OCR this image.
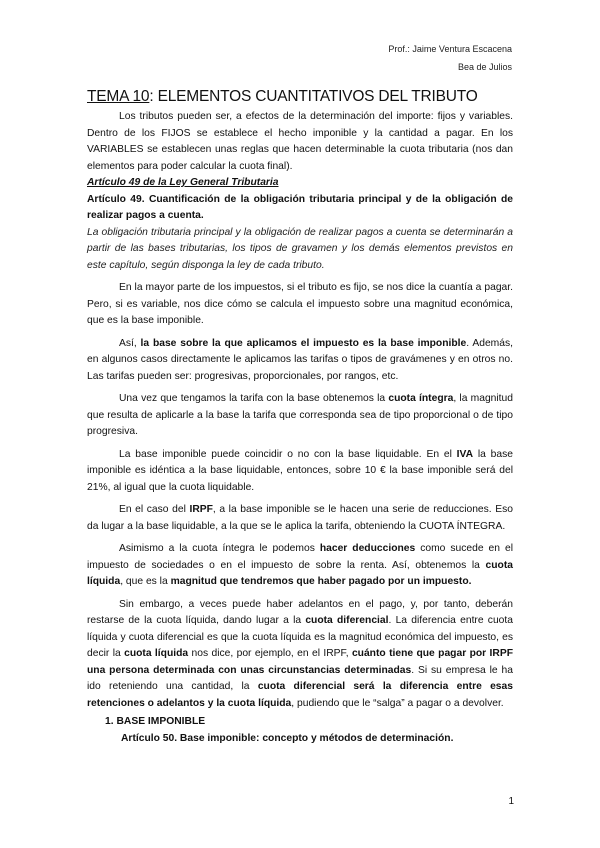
Prof.: Jaime Ventura Escacena
Bea de Julios
TEMA 10: ELEMENTOS CUANTITATIVOS DEL TRIBUTO

Los tributos pueden ser, a efectos de la determinación del importe: fijos y variables. Dentro de los FIJOS se establece el hecho imponible y la cantidad a pagar. En los VARIABLES se establecen unas reglas que hacen determinable la cuota tributaria (nos dan elementos para poder calcular la cuota final).

Artículo 49 de la Ley General Tributaria

Artículo 49. Cuantificación de la obligación tributaria principal y de la obligación de realizar pagos a cuenta.

La obligación tributaria principal y la obligación de realizar pagos a cuenta se determinarán a partir de las bases tributarias, los tipos de gravamen y los demás elementos previstos en este capítulo, según disponga la ley de cada tributo.

En la mayor parte de los impuestos, si el tributo es fijo, se nos dice la cuantía a pagar. Pero, si es variable, nos dice cómo se calcula el impuesto sobre una magnitud económica, que es la base imponible.

Así, la base sobre la que aplicamos el impuesto es la base imponible. Además, en algunos casos directamente le aplicamos las tarifas o tipos de gravámenes y en otros no. Las tarifas pueden ser: progresivas, proporcionales, por rangos, etc.

Una vez que tengamos la tarifa con la base obtenemos la cuota íntegra, la magnitud que resulta de aplicarle a la base la tarifa que corresponda sea de tipo proporcional o de tipo progresiva.

La base imponible puede coincidir o no con la base liquidable. En el IVA la base imponible es idéntica a la base liquidable, entonces, sobre 10 € la base imponible será del 21%, al igual que la cuota liquidable.

En el caso del IRPF, a la base imponible se le hacen una serie de reducciones. Eso da lugar a la base liquidable, a la que se le aplica la tarifa, obteniendo la CUOTA ÍNTEGRA.

Asimismo a la cuota íntegra le podemos hacer deducciones como sucede en el impuesto de sociedades o en el impuesto de sobre la renta. Así, obtenemos la cuota líquida, que es la magnitud que tendremos que haber pagado por un impuesto.

Sin embargo, a veces puede haber adelantos en el pago, y, por tanto, deberán restarse de la cuota líquida, dando lugar a la cuota diferencial. La diferencia entre cuota líquida y cuota diferencial es que la cuota líquida es la magnitud económica del impuesto, es decir la cuota líquida nos dice, por ejemplo, en el IRPF, cuánto tiene que pagar por IRPF una persona determinada con unas circunstancias determinadas. Si su empresa le ha ido reteniendo una cantidad, la cuota diferencial será la diferencia entre esas retenciones o adelantos y la cuota líquida, pudiendo que le “salga” a pagar o a devolver.

1. BASE IMPONIBLE
Artículo 50. Base imponible: concepto y métodos de determinación.
1
